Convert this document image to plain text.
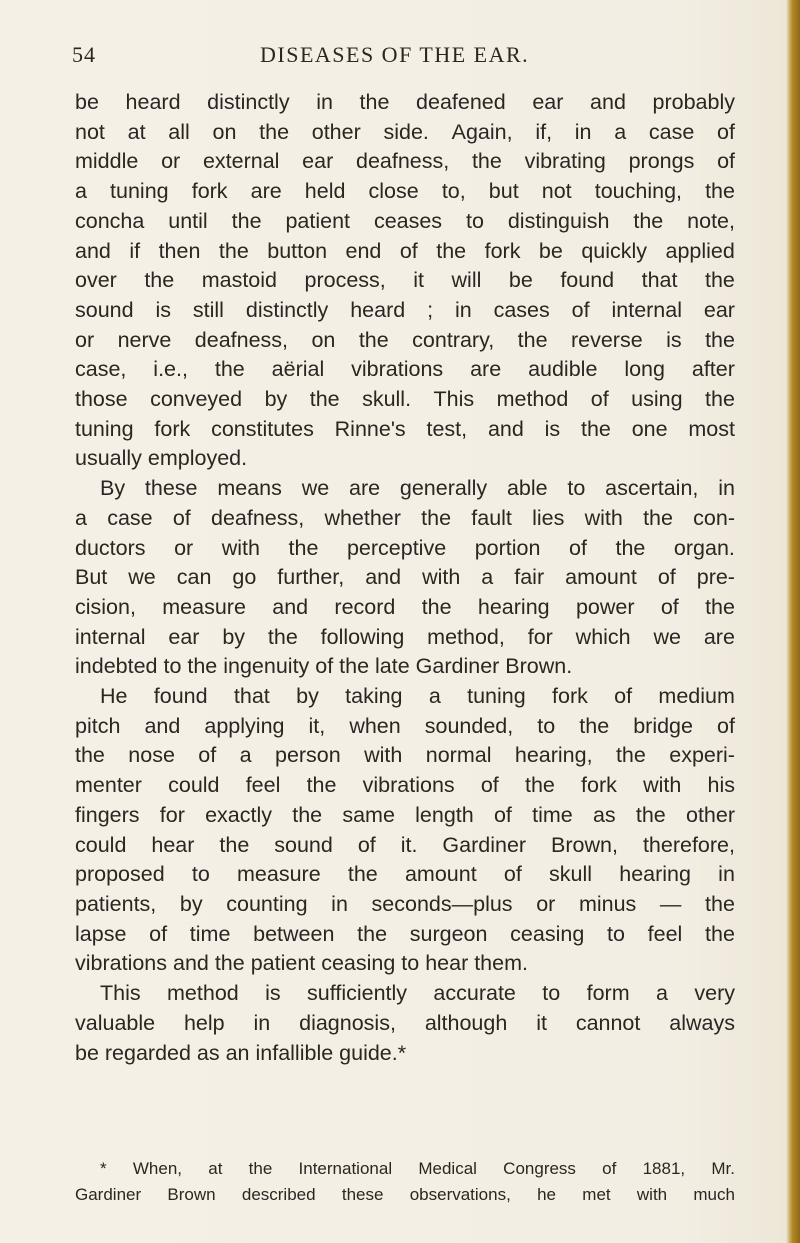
54	DISEASES OF THE EAR.
be heard distinctly in the deafened ear and probably
not at all on the other side. Again, if, in a case of
middle or external ear deafness, the vibrating prongs of
a tuning fork are held close to, but not touching, the
concha until the patient ceases to distinguish the note,
and if then the button end of the fork be quickly applied
over the mastoid process, it will be found that the
sound is still distinctly heard ; in cases of internal ear
or nerve deafness, on the contrary, the reverse is the
case, i.e., the aërial vibrations are audible long after
those conveyed by the skull. This method of using the
tuning fork constitutes Rinne's test, and is the one most
usually employed.
By these means we are generally able to ascertain, in
a case of deafness, whether the fault lies with the con-
ductors or with the perceptive portion of the organ.
But we can go further, and with a fair amount of pre-
cision, measure and record the hearing power of the
internal ear by the following method, for which we are
indebted to the ingenuity of the late Gardiner Brown.
He found that by taking a tuning fork of medium
pitch and applying it, when sounded, to the bridge of
the nose of a person with normal hearing, the experi-
menter could feel the vibrations of the fork with his
fingers for exactly the same length of time as the other
could hear the sound of it. Gardiner Brown, therefore,
proposed to measure the amount of skull hearing in
patients, by counting in seconds—plus or minus — the
lapse of time between the surgeon ceasing to feel the
vibrations and the patient ceasing to hear them.
This method is sufficiently accurate to form a very
valuable help in diagnosis, although it cannot always
be regarded as an infallible guide.*
* When, at the International Medical Congress of 1881, Mr.
Gardiner Brown described these observations, he met with much
